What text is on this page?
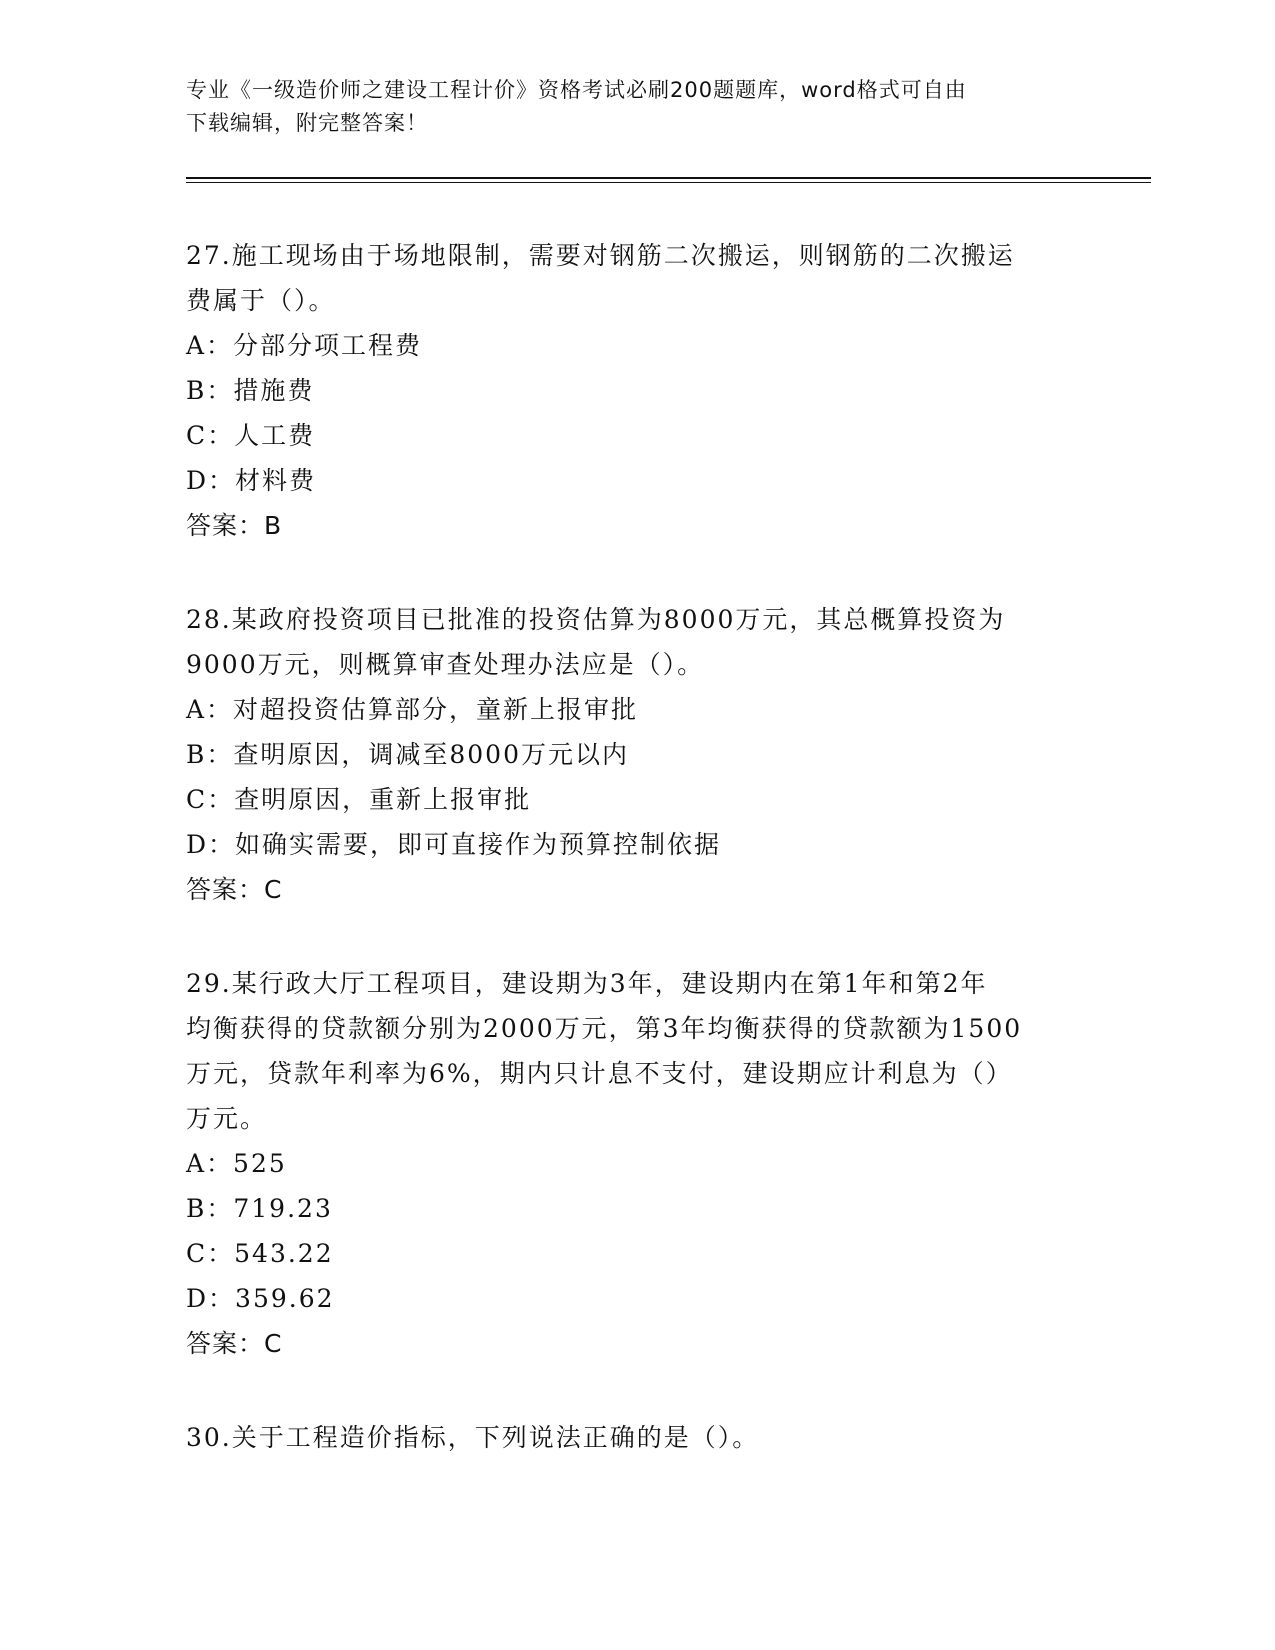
专业《一级造价师之建设工程计价》资格考试必刷200题题库，word格式可自由
下载编辑，附完整答案！
27.施工现场由于场地限制，需要对钢筋二次搬运，则钢筋的二次搬运
费属于（）。
A：分部分项工程费
B：措施费
C：人工费
D：材料费
答案：B
28.某政府投资项目已批准的投资估算为8000万元，其总概算投资为
9000万元，则概算审查处理办法应是（）。
A：对超投资估算部分，童新上报审批
B：查明原因，调减至8000万元以内
C：查明原因，重新上报审批
D：如确实需要，即可直接作为预算控制依据
答案：C
29.某行政大厅工程项目，建设期为3年，建设期内在第1年和第2年
均衡获得的贷款额分别为2000万元，第3年均衡获得的贷款额为1500
万元，贷款年利率为6%，期内只计息不支付，建设期应计利息为（）
万元。
A：525
B：719.23
C：543.22
D：359.62
答案：C
30.关于工程造价指标，下列说法正确的是（）。
